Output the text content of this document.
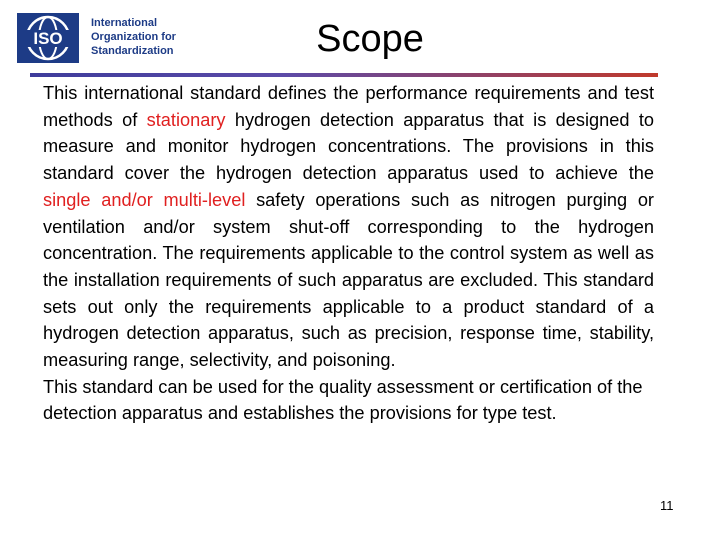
ISO
International
Organization for
Standardization	Scope

This international standard defines the performance requirements and test methods of stationary hydrogen detection apparatus that is designed to measure and monitor hydrogen concentrations. The provisions in this standard cover the hydrogen detection apparatus used to achieve the single and/or multi-level safety operations such as nitrogen purging or ventilation and/or system shut-off corresponding to the hydrogen concentration. The requirements applicable to the control system as well as the installation requirements of such apparatus are excluded. This standard sets out only the requirements applicable to a product standard of a hydrogen detection apparatus, such as precision, response time, stability, measuring range, selectivity, and poisoning.

This standard can be used for the quality assessment or certification of the detection apparatus and establishes the provisions for type test.

11
